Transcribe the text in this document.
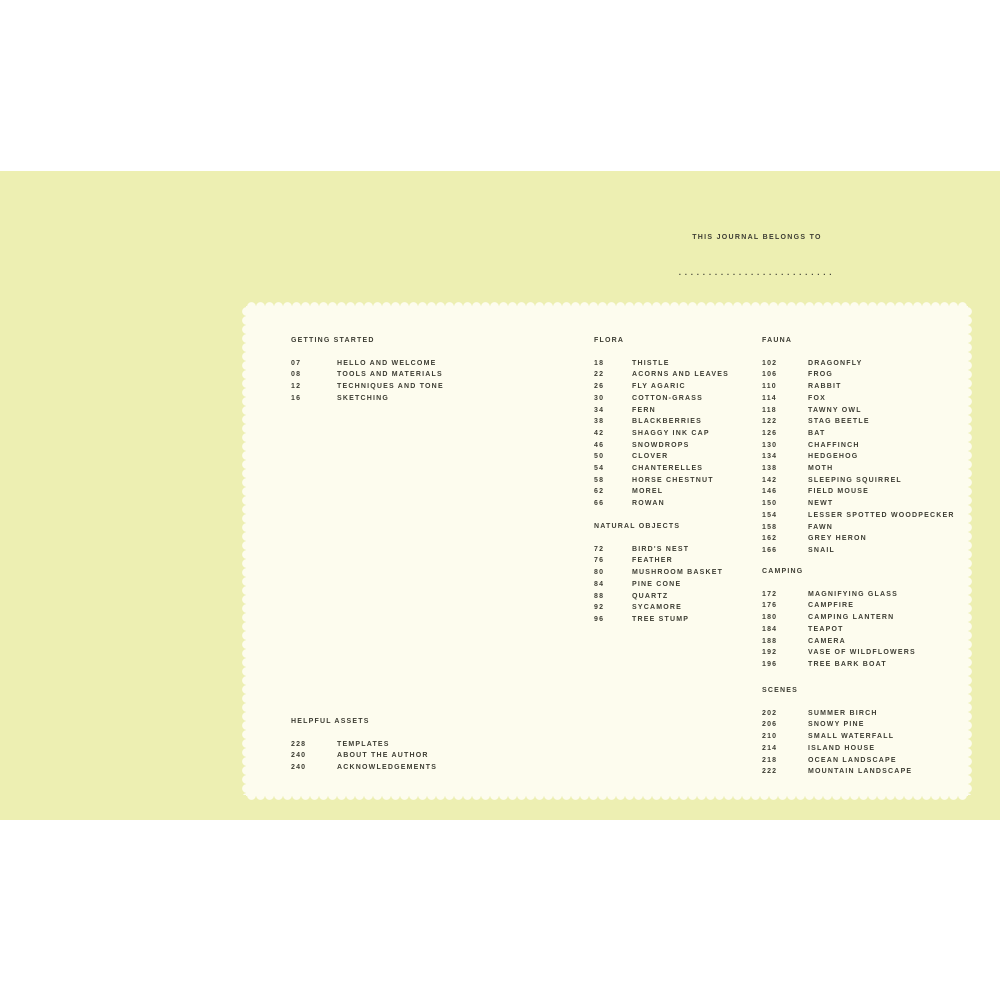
THIS JOURNAL BELONGS TO
..........................
GETTING STARTED
07	HELLO AND WELCOME
08	TOOLS AND MATERIALS
12	TECHNIQUES AND TONE
16	SKETCHING
FLORA
18	THISTLE
22	ACORNS AND LEAVES
26	FLY AGARIC
30	COTTON-GRASS
34	FERN
38	BLACKBERRIES
42	SHAGGY INK CAP
46	SNOWDROPS
50	CLOVER
54	CHANTERELLES
58	HORSE CHESTNUT
62	MOREL
66	ROWAN
NATURAL OBJECTS
72	BIRD'S NEST
76	FEATHER
80	MUSHROOM BASKET
84	PINE CONE
88	QUARTZ
92	SYCAMORE
96	TREE STUMP
FAUNA
102	DRAGONFLY
106	FROG
110	RABBIT
114	FOX
118	TAWNY OWL
122	STAG BEETLE
126	BAT
130	CHAFFINCH
134	HEDGEHOG
138	MOTH
142	SLEEPING SQUIRREL
146	FIELD MOUSE
150	NEWT
154	LESSER SPOTTED WOODPECKER
158	FAWN
162	GREY HERON
166	SNAIL
CAMPING
172	MAGNIFYING GLASS
176	CAMPFIRE
180	CAMPING LANTERN
184	TEAPOT
188	CAMERA
192	VASE OF WILDFLOWERS
196	TREE BARK BOAT
SCENES
202	SUMMER BIRCH
206	SNOWY PINE
210	SMALL WATERFALL
214	ISLAND HOUSE
218	OCEAN LANDSCAPE
222	MOUNTAIN LANDSCAPE
HELPFUL ASSETS
228	TEMPLATES
240	ABOUT THE AUTHOR
240	ACKNOWLEDGEMENTS
